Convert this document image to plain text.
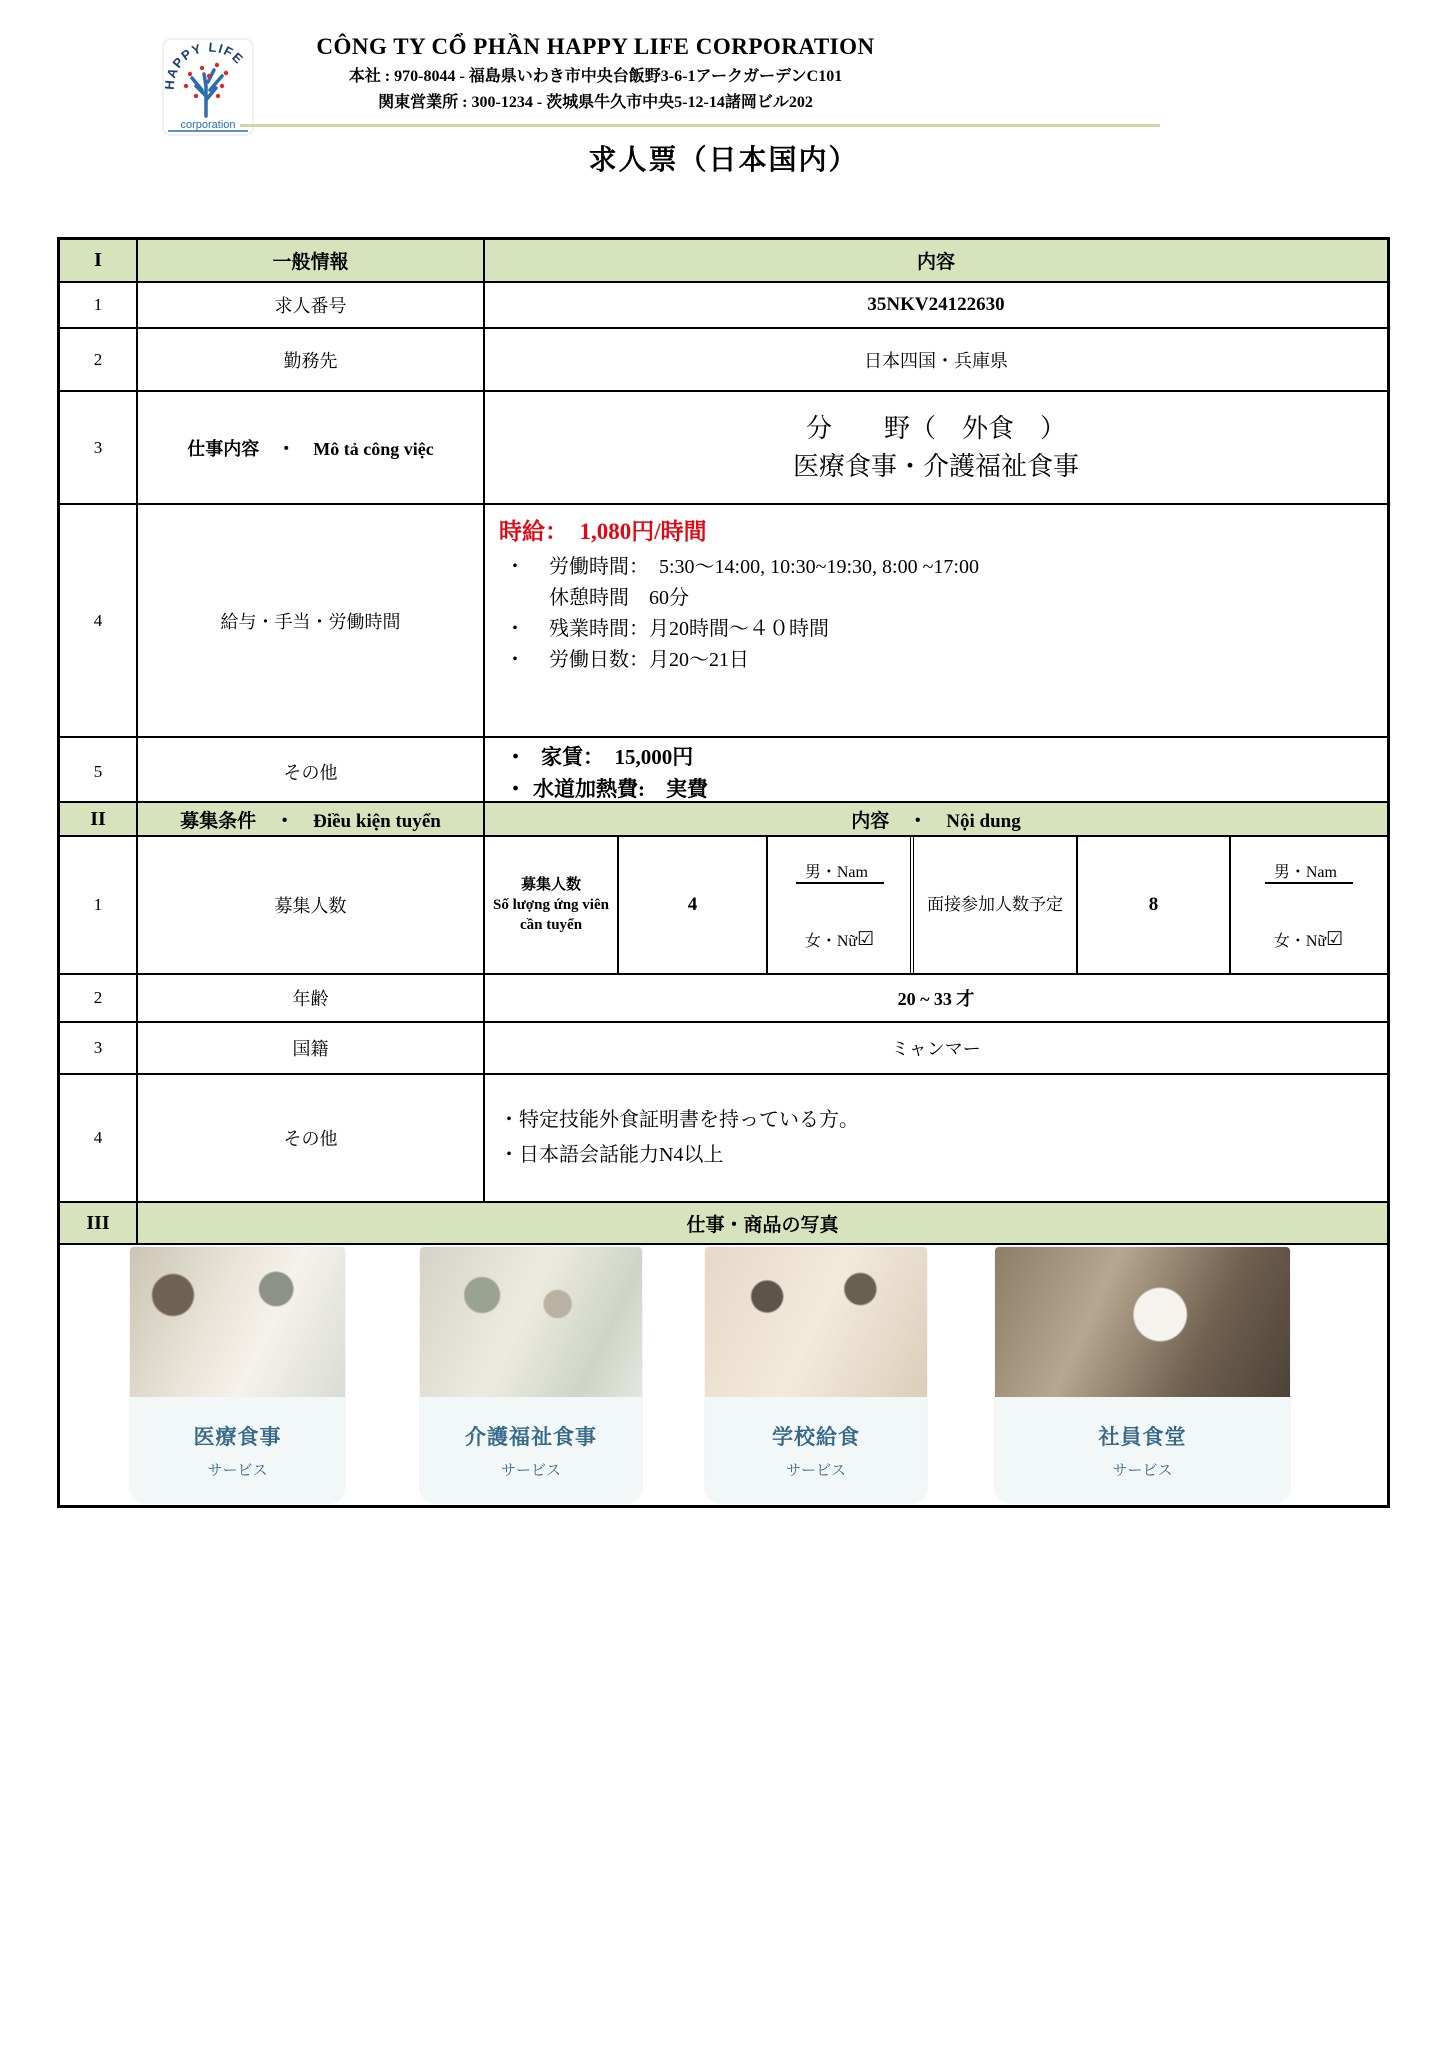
HAPPY LIFE
corporation
CÔNG TY CỔ PHẦN HAPPY LIFE CORPORATION
本社 : 970-8044 - 福島県いわき市中央台飯野3-6-1アークガーデンC101
関東営業所 : 300-1234 - 茨城県牛久市中央5-12-14諸岡ビル202
求人票（日本国内）
I	一般情報	内容
1	求人番号	35NKV24122630
2	勤務先	日本四国・兵庫県
3	仕事内容　・　Mô tả công việc
分　　野（　外食　）
医療食事・介護福祉食事
4	給与・手当・労働時間
時給：　1,080円/時間
・	労働時間：　5:30～14:00, 10:30~19:30, 8:00 ~17:00
休憩時間　60分
・	残業時間：月20時間～４０時間
・	労働日数：月20～21日
5	その他
・ 家賃：　15,000円
・ 水道加熱費:　実費
II	募集条件　・　Điều kiện tuyển	内容　・　Nội dung
1	募集人数
募集人数
Số lượng ứng viên cần tuyển
4
男・Nam
女・Nữ ☑
面接参加人数予定	8
男・Nam
女・Nữ ☑
2	年齢	20 ~ 33 才
3	国籍	ミャンマー
4	その他
・特定技能外食証明書を持っている方。
・日本語会話能力N4以上
III	仕事・商品の写真
医療食事
サービス
介護福祉食事
サービス
学校給食
サービス
社員食堂
サービス
